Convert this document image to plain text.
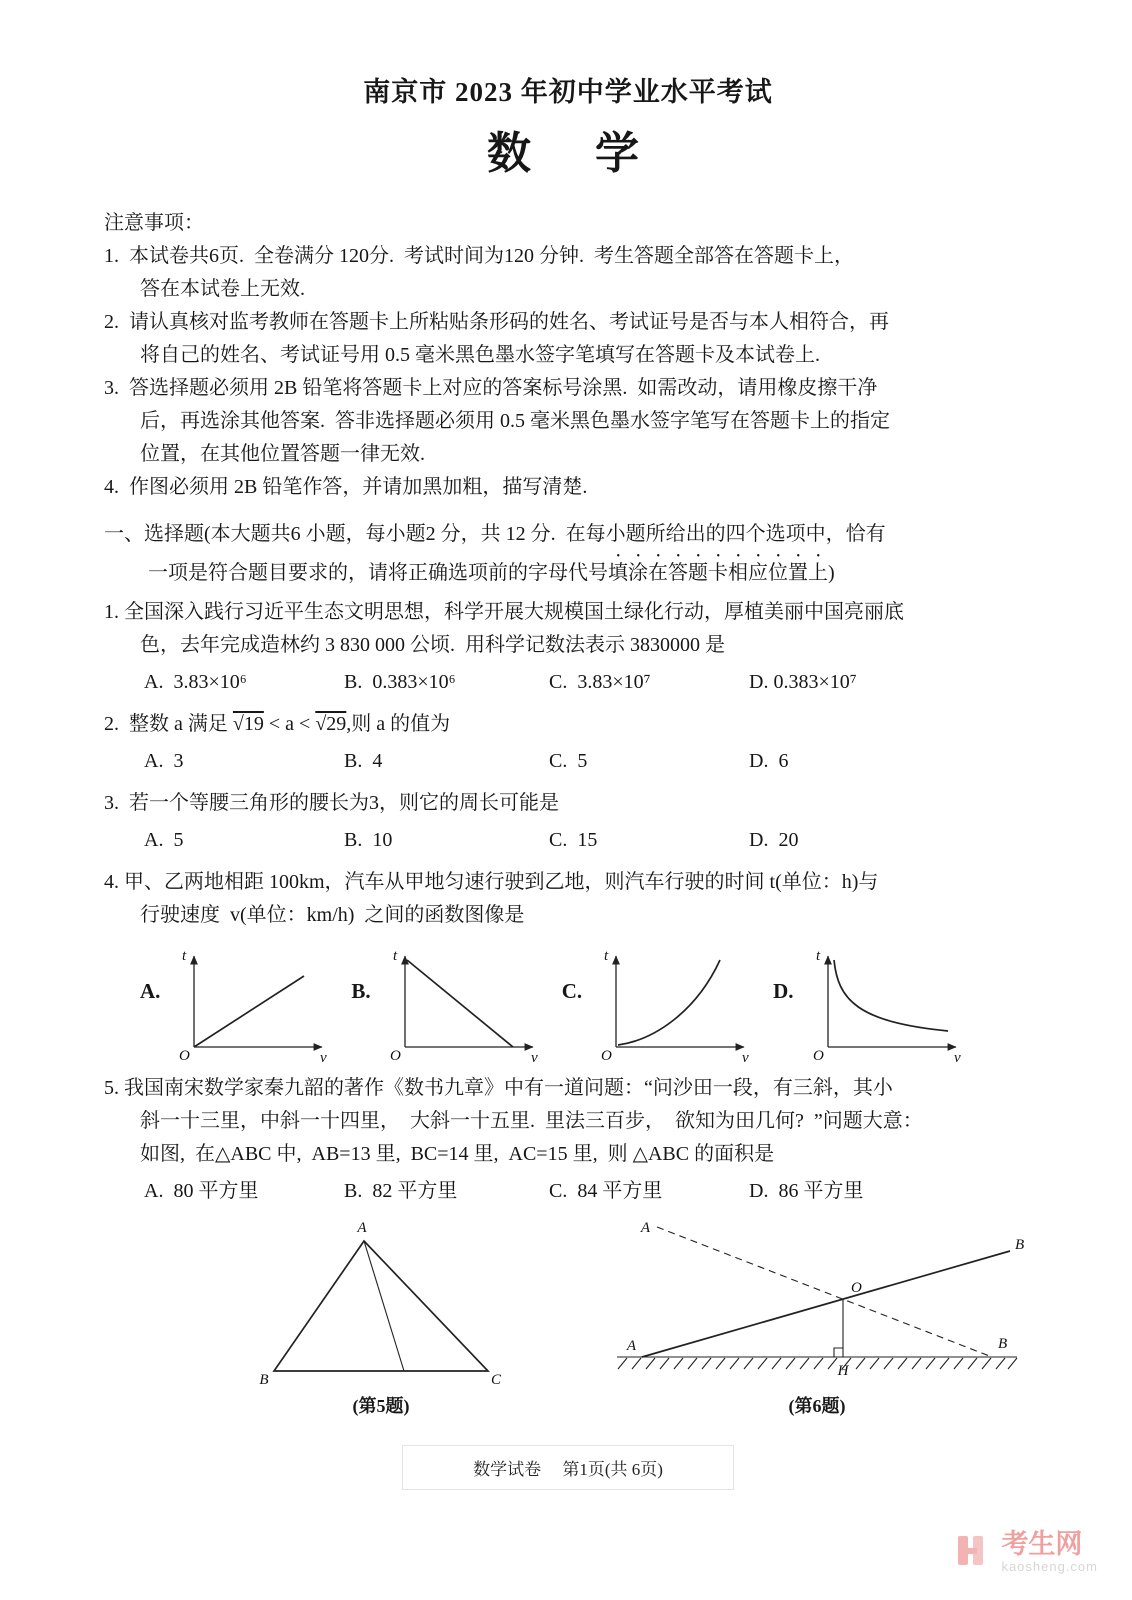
南京市 2023 年初中学业水平考试
数　学
注意事项：
1.  本试卷共6页.  全卷满分 120分.  考试时间为120 分钟.  考生答题全部答在答题卡上，
答在本试卷上无效.
2.  请认真核对监考教师在答题卡上所粘贴条形码的姓名、考试证号是否与本人相符合，再
将自己的姓名、考试证号用 0.5 毫米黑色墨水签字笔填写在答题卡及本试卷上.
3.  答选择题必须用 2B 铅笔将答题卡上对应的答案标号涂黑.  如需改动，请用橡皮擦干净
后，再选涂其他答案.  答非选择题必须用 0.5 毫米黑色墨水签字笔写在答题卡上的指定
位置，在其他位置答题一律无效.
4.  作图必须用 2B 铅笔作答，并请加黑加粗，描写清楚.
一、选择题(本大题共6 小题，每小题2 分，共 12 分.  在每小题所给出的四个选项中，恰有
一项是符合题目要求的，请将正确选项前的字母代号填涂在答题卡相应位置上)
1. 全国深入践行习近平生态文明思想，科学开展大规模国土绿化行动，厚植美丽中国亮丽底
色，去年完成造林约 3 830 000 公顷.  用科学记数法表示 3830000 是
A.  3.83×10⁶	B.  0.383×10⁶	C.  3.83×10⁷	D. 0.383×10⁷
2.  整数 a 满足 √19 < a < √29,则 a 的值为
A.  3	B.  4	C.  5	D.  6
3.  若一个等腰三角形的腰长为3，则它的周长可能是
A.  5	B.  10	C.  15	D.  20
4. 甲、乙两地相距 100km，汽车从甲地匀速行驶到乙地，则汽车行驶的时间 t(单位：h)与
行驶速度  v(单位：km/h)  之间的函数图像是
A.
t
v
O
B.
t
v
O
C.
t
v
O
D.
t
v
O
5. 我国南宋数学家秦九韶的著作《数书九章》中有一道问题：“问沙田一段，有三斜，其小
斜一十三里，中斜一十四里，  大斜一十五里.  里法三百步，  欲知为田几何?  ”问题大意：
如图,  在△ABC 中,  AB=13 里,  BC=14 里,  AC=15 里,  则 △ABC 的面积是
A.  80 平方里	B.  82 平方里	C.  84 平方里	D.  86 平方里
A
B	C
(第5题)
A
B
A	B
O
H
(第6题)
数学试卷　 第1页(共 6页)
考生网
kaosheng.com
